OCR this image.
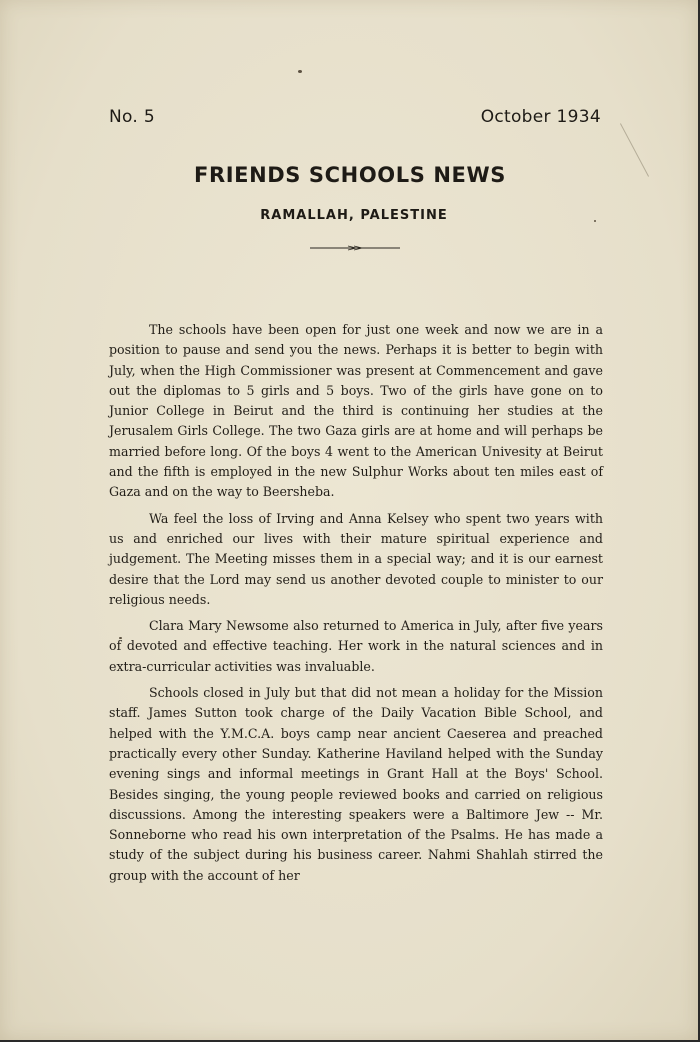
No. 5	October 1934
FRIENDS SCHOOLS NEWS
RAMALLAH, PALESTINE

The schools have been open for just one week and now we are in a position to pause and send you the news. Perhaps it is better to begin with July, when the High Commissioner was present at Commencement and gave out the diplomas to 5 girls and 5 boys. Two of the girls have gone on to Junior College in Beirut and the third is continuing her studies at the Jerusalem Girls College. The two Gaza girls are at home and will perhaps be married before long. Of the boys 4 went to the American Univesity at Beirut and the fifth is employed in the new Sulphur Works about ten miles east of Gaza and on the way to Beersheba.

Wa feel the loss of Irving and Anna Kelsey who spent two years with us and enriched our lives with their mature spiritual experience and judgement. The Meeting misses them in a special way; and it is our earnest desire that the Lord may send us another devoted couple to minister to our religious needs.

Clara Mary Newsome also returned to America in July, after five years of devoted and effective teaching. Her work in the natural sciences and in extra-curricular activities was invaluable.

Schools closed in July but that did not mean a holiday for the Mission staff. James Sutton took charge of the Daily Vacation Bible School, and helped with the Y.M.C.A. boys camp near ancient Caeserea and preached practically every other Sunday. Katherine Haviland helped with the Sunday evening sings and informal meetings in Grant Hall at the Boys' School. Besides singing, the young people reviewed books and carried on religious discussions. Among the interesting speakers were a Baltimore Jew -- Mr. Sonneborne who read his own interpretation of the Psalms. He has made a study of the subject during his business career. Nahmi Shahlah stirred the group with the account of her
